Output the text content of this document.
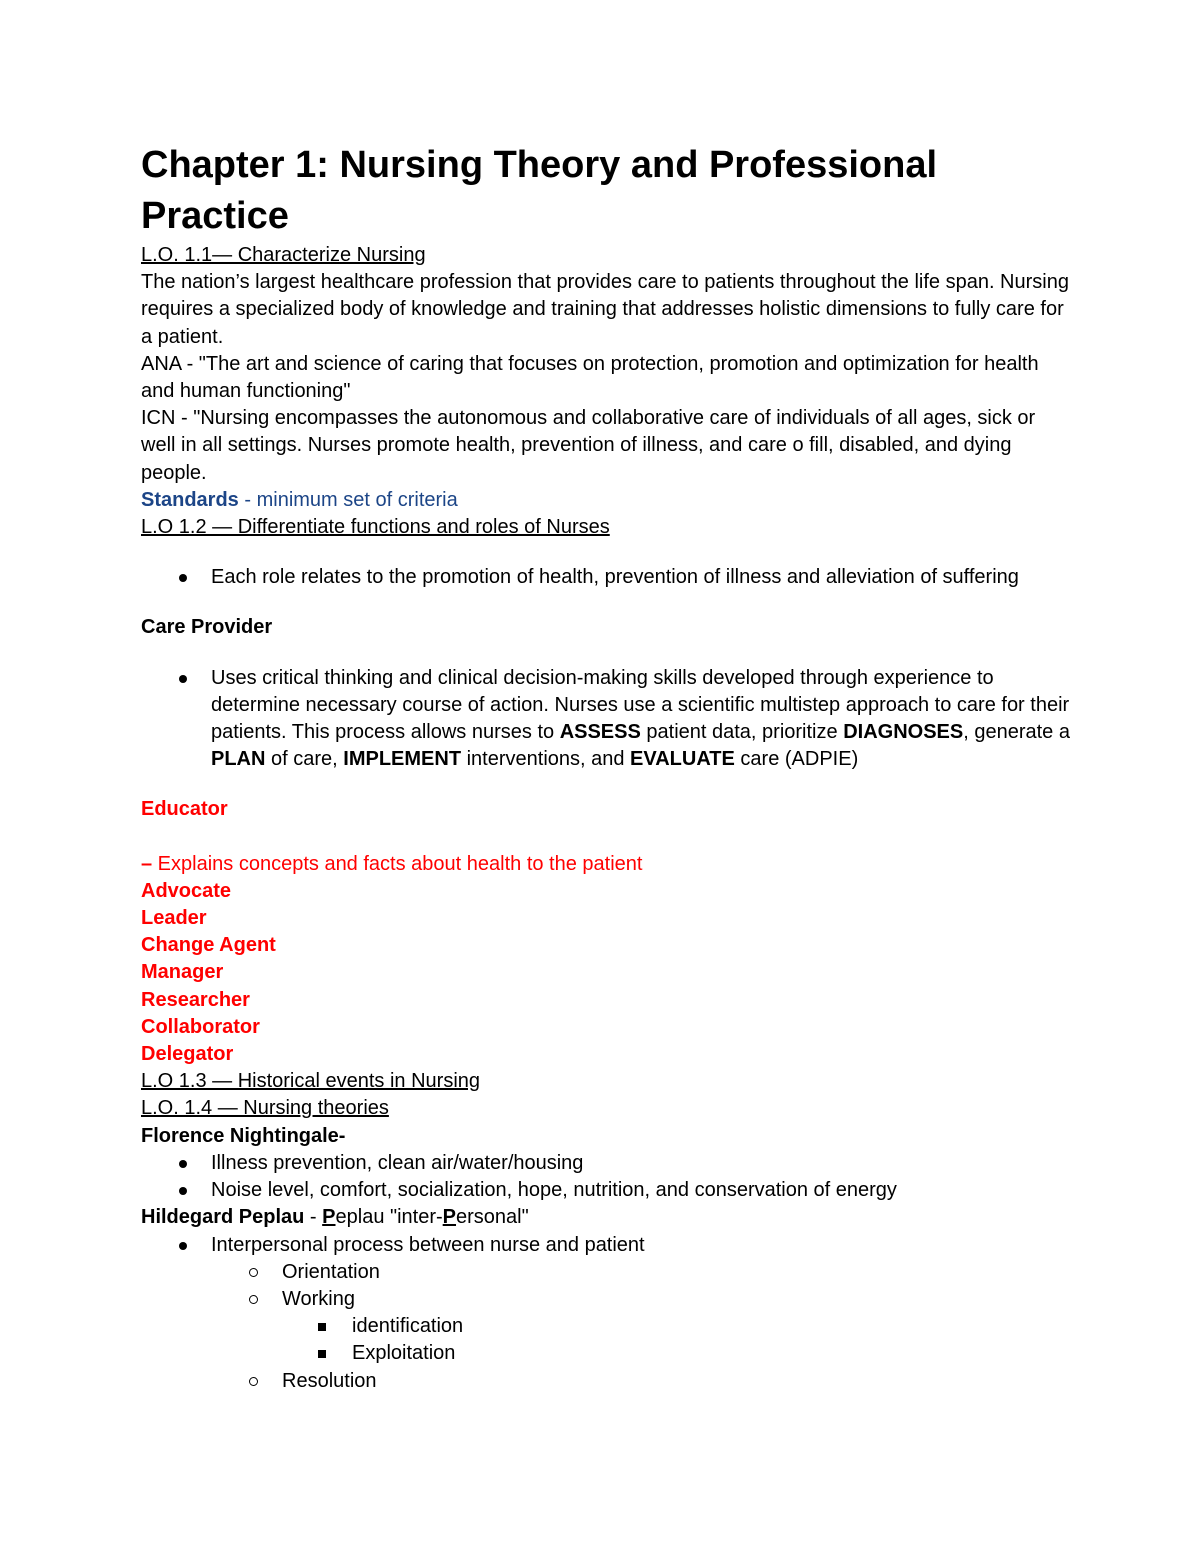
Chapter 1: Nursing Theory and Professional Practice

L.O. 1.1— Characterize Nursing

The nation’s largest healthcare profession that provides care to patients throughout the life span. Nursing requires a specialized body of knowledge and training that addresses holistic dimensions to fully care for a patient.

ANA - "The art and science of caring that focuses on protection, promotion and optimization for health and human functioning"

ICN - "Nursing encompasses the autonomous and collaborative care of individuals of all ages, sick or well in all settings. Nurses promote health, prevention of illness, and care o fill, disabled, and dying people.

Standards - minimum set of criteria

L.O 1.2 — Differentiate functions and roles of Nurses

Each role relates to the promotion of health, prevention of illness and alleviation of suffering

Care Provider

Uses critical thinking and clinical decision-making skills developed through experience to determine necessary course of action. Nurses use a scientific multistep approach to care for their patients. This process allows nurses to ASSESS patient data, prioritize DIAGNOSES, generate a PLAN of care, IMPLEMENT interventions, and EVALUATE care (ADPIE)

Educator

– Explains concepts and facts about health to the patient

Advocate

Leader

Change Agent

Manager

Researcher

Collaborator

Delegator

L.O 1.3 — Historical events in Nursing

L.O. 1.4 — Nursing theories

Florence Nightingale-

Illness prevention, clean air/water/housing
Noise level, comfort, socialization, hope, nutrition, and conservation of energy

Hildegard Peplau - Peplau "inter-Personal"

Interpersonal process between nurse and patient
Orientation
Working
identification
Exploitation
Resolution
